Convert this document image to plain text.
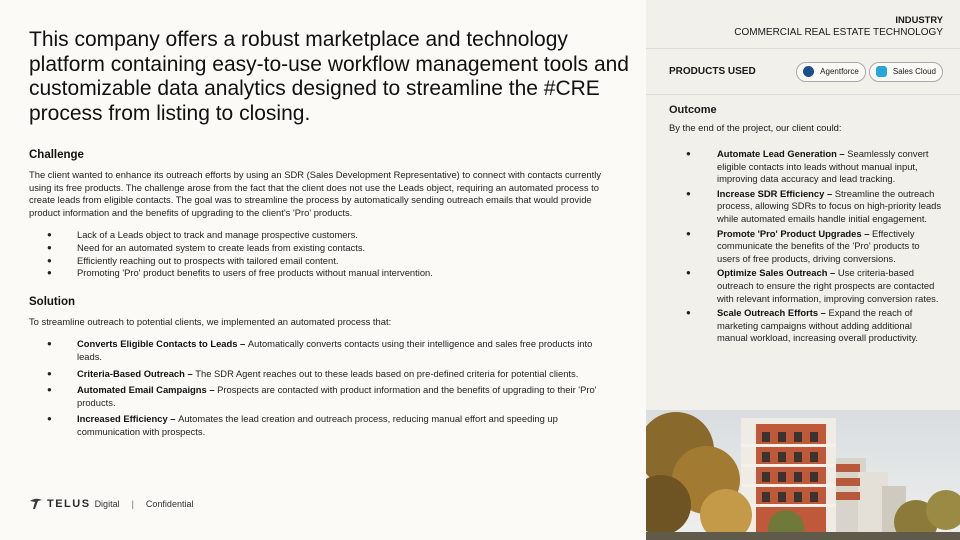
This company offers a robust marketplace and technology platform containing easy-to-use workflow management tools and customizable data analytics designed to streamline the #CRE process from listing to closing.
Challenge

The client wanted to enhance its outreach efforts by using an SDR (Sales Development Representative) to connect with contacts currently using its free products. The challenge arose from the fact that the client does not use the Leads object, requiring an automated process to create leads from eligible contacts. The goal was to streamline the process by automatically sending outreach emails that would provide product information and the benefits of upgrading to the client's 'Pro' products.

●	Lack of a Leads object to track and manage prospective customers.
●	Need for an automated system to create leads from existing contacts.
●	Efficiently reaching out to prospects with tailored email content.
●	Promoting 'Pro' product benefits to users of free products without manual intervention.
Solution

To streamline outreach to potential clients, we implemented an automated process that:

●	Converts Eligible Contacts to Leads – Automatically converts contacts using their intelligence and sales free products into leads.
●	Criteria-Based Outreach – The SDR Agent reaches out to these leads based on pre-defined criteria for potential clients.
●	Automated Email Campaigns – Prospects are contacted with product information and the benefits of upgrading to their 'Pro' products.
●	Increased Efficiency – Automates the lead creation and outreach process, reducing manual effort and speeding up communication with prospects.
TELUS Digital | Confidential
INDUSTRY
COMMERCIAL REAL ESTATE TECHNOLOGY
PRODUCTS USED	Agentforce	Sales Cloud
Outcome
By the end of the project, our client could:
●	Automate Lead Generation – Seamlessly convert eligible contacts into leads without manual input, improving data accuracy and lead tracking.
●	Increase SDR Efficiency – Streamline the outreach process, allowing SDRs to focus on high-priority leads while automated emails handle initial engagement.
●	Promote 'Pro' Product Upgrades – Effectively communicate the benefits of the 'Pro' products to users of free products, driving conversions.
●	Optimize Sales Outreach – Use criteria-based outreach to ensure the right prospects are contacted with relevant information, improving conversion rates.
●	Scale Outreach Efforts – Expand the reach of marketing campaigns without adding additional manual workload, increasing overall productivity.
